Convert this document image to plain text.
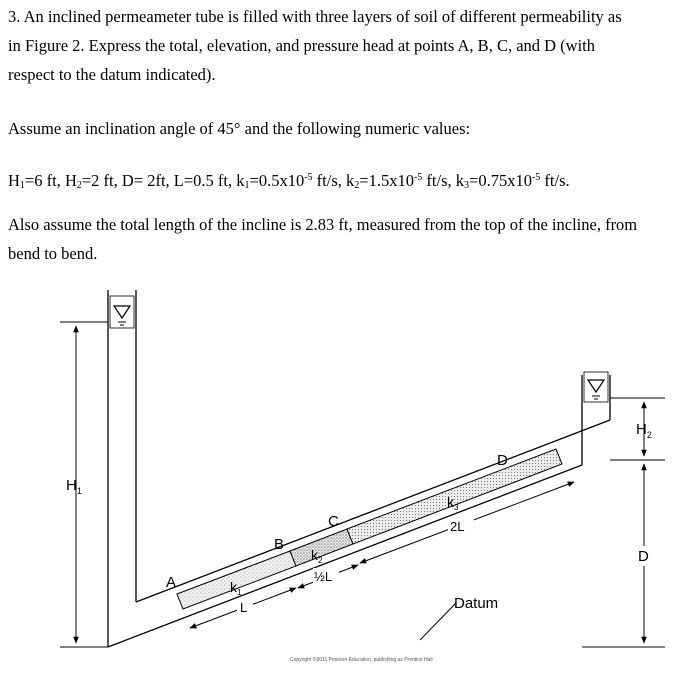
3. An inclined permeameter tube is filled with three layers of soil of different permeability as

in Figure 2. Express the total, elevation, and pressure head at points A, B, C, and D (with

respect to the datum indicated).

Assume an inclination angle of 45° and the following numeric values:

$H_1=6$ ft, $H_2=2$ ft, D= 2ft, L=0.5 ft, $k_1=0.5x10^{-5}$ ft/s, $k_2=1.5x10^{-5}$ ft/s, $k_3=0.75x10^{-5}$ ft/s.

Also assume the total length of the incline is 2.83 ft, measured from the top of the incline, from

bend to bend.

$H_1$
$H_2$
D
A
B
C
D
$k_1$
$k_2$
$k_3$
L
½L
2L
Datum
Copyright ©2011 Pearson Education, publishing as Prentice Hall
